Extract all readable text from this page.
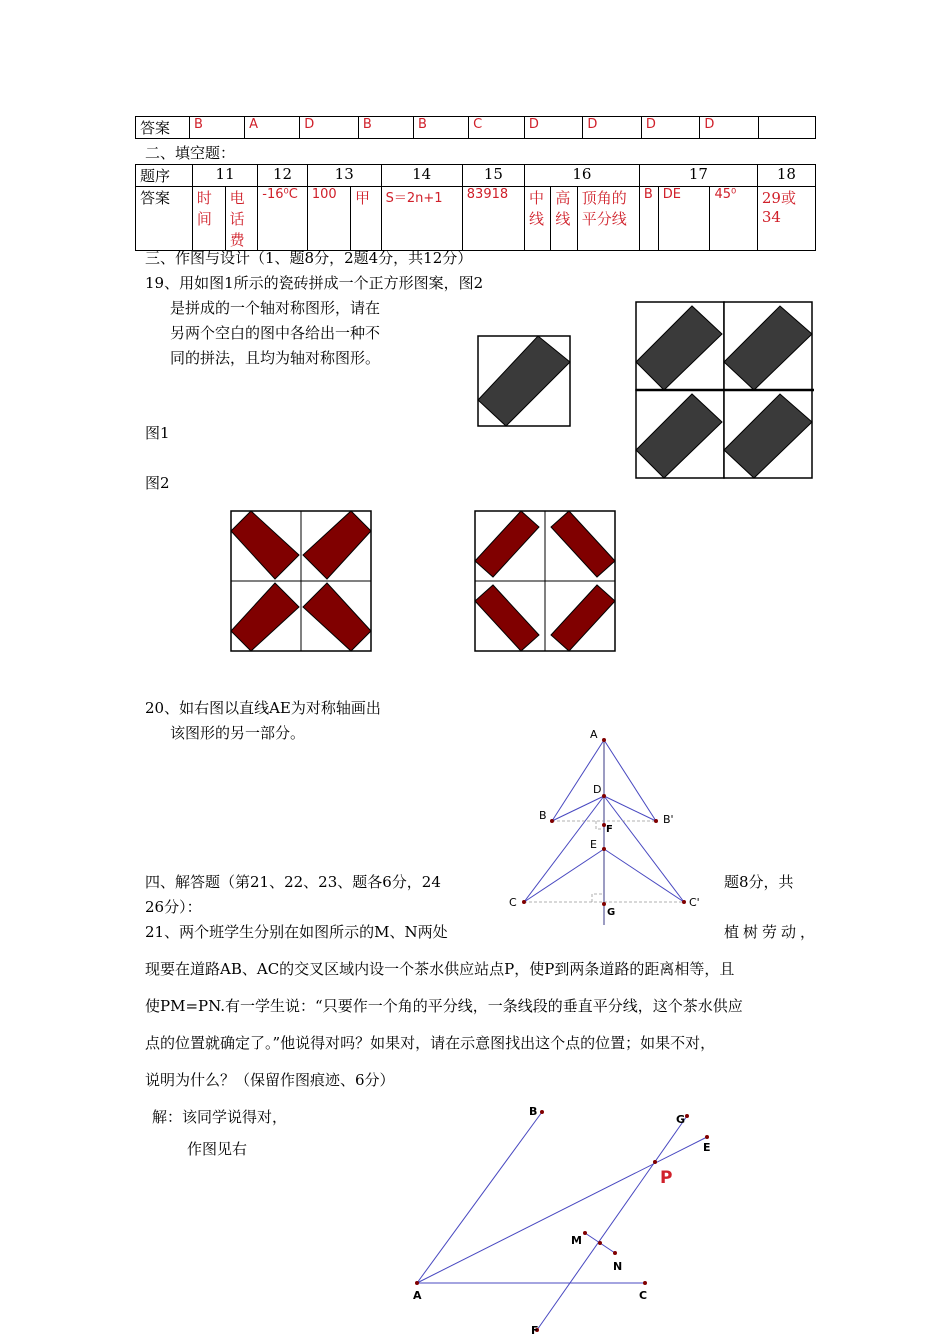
答案	B	A	D	B	B	C	D	D	D	D	
二、填空题：
题序	11		12	13		14	15	16			17			18
答案	时间	电话费	-16⁰C	100	甲	S＝2n+1	83918	中线	高线	顶角的平分线	B	DE	45⁰	29或34
三、作图与设计（1、题8分，2题4分，共12分）
19、用如图1所示的瓷砖拼成一个正方形图案，图2
是拼成的一个轴对称图形，请在
另两个空白的图中各给出一种不
同的拼法，且均为轴对称图形。
图1
图2
20、如右图以直线AE为对称轴画出
该图形的另一部分。	A
D
B	B'
F
E
C	C'
G
四、解答题（第21、22、23、题各6分，24	题8分，共
26分）：
21、两个班学生分别在如图所示的M、N两处	植树劳动，
现要在道路AB、AC的交叉区域内设一个茶水供应站点P，使P到两条道路的距离相等，且
使PM=PN.有一学生说：“只要作一个角的平分线，一条线段的垂直平分线，这个茶水供应
点的位置就确定了。”他说得对吗？如果对，请在示意图找出这个点的位置；如果不对，
说明为什么？（保留作图痕迹、6分）
解：该同学说得对，
作图见右
A
B
C
E
F
G
M
N
P
